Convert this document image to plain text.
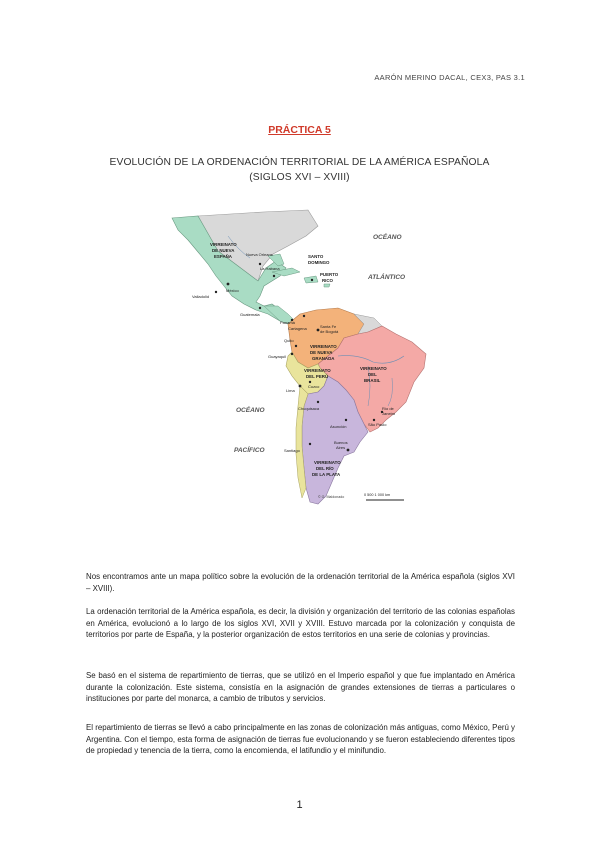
AARÓN MERINO DACAL, CEX3, PAS 3.1
PRÁCTICA 5
EVOLUCIÓN DE LA ORDENACIÓN TERRITORIAL DE LA AMÉRICA ESPAÑOLA
(SIGLOS XVI – XVIII)
OCÉANO
ATLÁNTICO
OCÉANO
PACÍFICO
VIRREINATO
DE NUEVA
ESPAÑA
VIRREINATO
DE NUEVA
GRANADA
VIRREINATO
DEL PERÚ
VIRREINATO
DEL
BRASIL
VIRREINATO
DEL RÍO
DE LA PLATA
SANTO
DOMINGO
PUERTO
RICO
Nueva Orleans
La Habana
México
Valladolid
Guatemala
Panamá
Cartagena	Santa Fe
de Bogotá
Quito
Guayaquil
Lima
Cuzco
Chuquisaca
Asunción
Río de
Janeiro
São Paulo
Buenos
Aires
Santiago
0 500 1 000 km
© G. Maldonado
Nos encontramos ante un mapa político sobre la evolución de la ordenación territorial de la América española (siglos XVI – XVIII).
La ordenación territorial de la América española, es decir, la división y organización del territorio de las colonias españolas en América, evolucionó a lo largo de los siglos XVI, XVII y XVIII. Estuvo marcada por la colonización y conquista de territorios por parte de España, y la posterior organización de estos territorios en una serie de colonias y provincias.
Se basó en el sistema de repartimiento de tierras, que se utilizó en el Imperio español y que fue implantado en América durante la colonización. Este sistema, consistía en la asignación de grandes extensiones de tierras a particulares o instituciones por parte del monarca, a cambio de tributos y servicios.
El repartimiento de tierras se llevó a cabo principalmente en las zonas de colonización más antiguas, como México, Perú y Argentina. Con el tiempo, esta forma de asignación de tierras fue evolucionando y se fueron estableciendo diferentes tipos de propiedad y tenencia de la tierra, como la encomienda, el latifundio y el minifundio.
1
